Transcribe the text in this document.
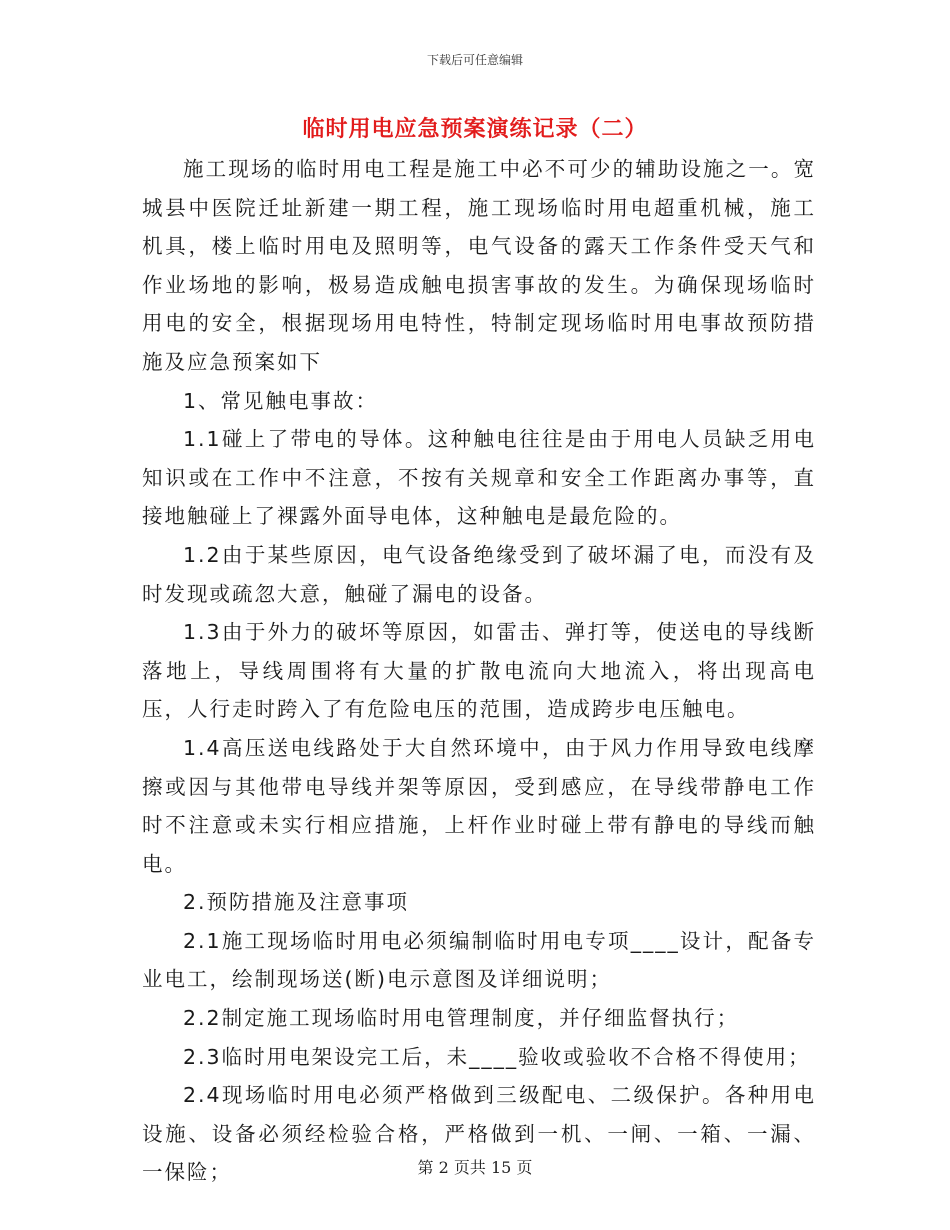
下载后可任意编辑
临时用电应急预案演练记录（二）

施工现场的临时用电工程是施工中必不可少的辅助设施之一。宽城县中医院迁址新建一期工程，施工现场临时用电超重机械，施工机具，楼上临时用电及照明等，电气设备的露天工作条件受天气和作业场地的影响，极易造成触电损害事故的发生。为确保现场临时用电的安全，根据现场用电特性，特制定现场临时用电事故预防措施及应急预案如下

1、常见触电事故：

1.1碰上了带电的导体。这种触电往往是由于用电人员缺乏用电知识或在工作中不注意，不按有关规章和安全工作距离办事等，直接地触碰上了裸露外面导电体，这种触电是最危险的。

1.2由于某些原因，电气设备绝缘受到了破坏漏了电，而没有及时发现或疏忽大意，触碰了漏电的设备。

1.3由于外力的破坏等原因，如雷击、弹打等，使送电的导线断落地上，导线周围将有大量的扩散电流向大地流入，将出现高电压，人行走时跨入了有危险电压的范围，造成跨步电压触电。

1.4高压送电线路处于大自然环境中，由于风力作用导致电线摩擦或因与其他带电导线并架等原因，受到感应，在导线带静电工作时不注意或未实行相应措施，上杆作业时碰上带有静电的导线而触电。

2.预防措施及注意事项

2.1施工现场临时用电必须编制临时用电专项____设计，配备专业电工，绘制现场送(断)电示意图及详细说明；

2.2制定施工现场临时用电管理制度，并仔细监督执行；

2.3临时用电架设完工后，未____验收或验收不合格不得使用；

2.4现场临时用电必须严格做到三级配电、二级保护。各种用电设施、设备必须经检验合格，严格做到一机、一闸、一箱、一漏、一保险；	第 2 页共 15 页
